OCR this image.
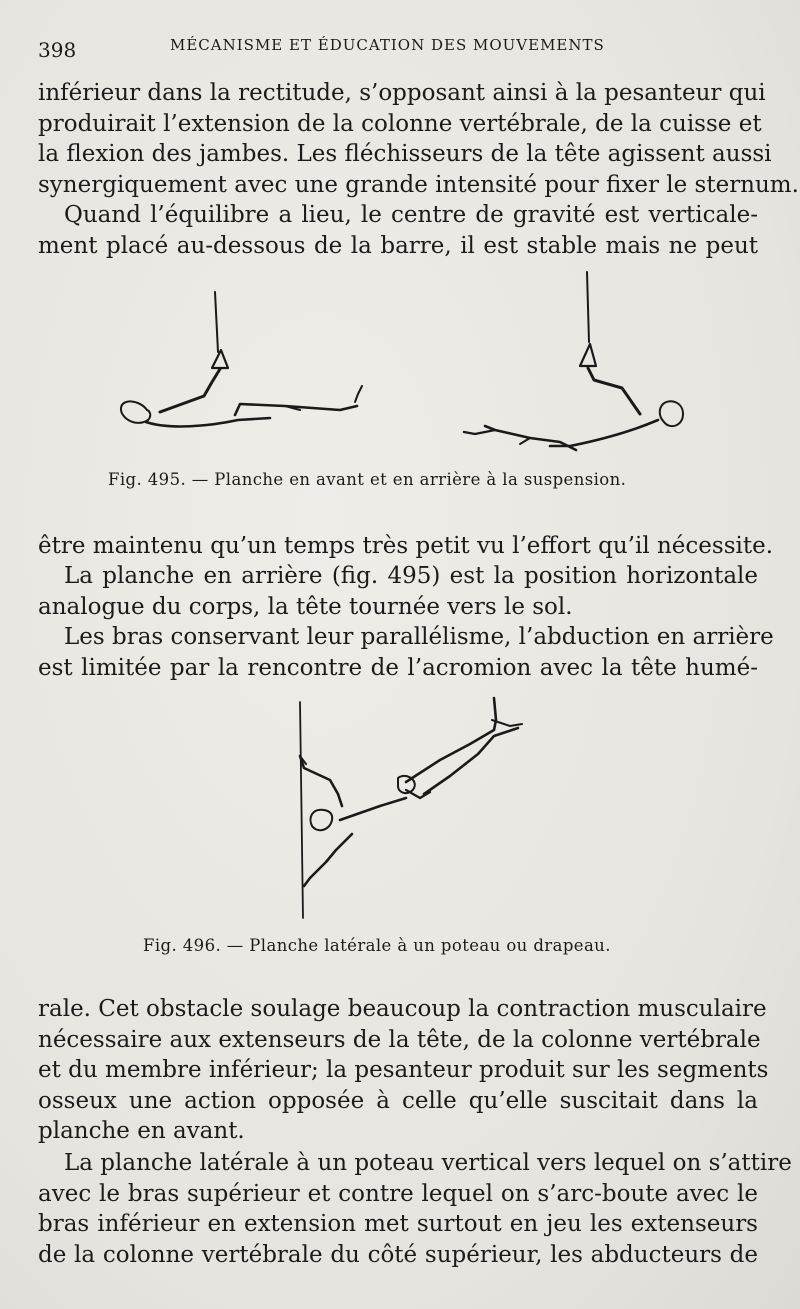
398	MÉCANISME ET ÉDUCATION DES MOUVEMENTS
inférieur dans la rectitude, s’opposant ainsi à la pesanteur qui
produirait l’extension de la colonne vertébrale, de la cuisse et
la flexion des jambes. Les fléchisseurs de la tête agissent aussi
synergiquement avec une grande intensité pour fixer le sternum.
Quand l’équilibre a lieu, le centre de gravité est verticale-
ment placé au-dessous de la barre, il est stable mais ne peut
Fig. 495. — Planche en avant et en arrière à la suspension.
être maintenu qu’un temps très petit vu l’effort qu’il nécessite.
La planche en arrière (fig. 495) est la position horizontale
analogue du corps, la tête tournée vers le sol.
Les bras conservant leur parallélisme, l’abduction en arrière
est limitée par la rencontre de l’acromion avec la tête humé-
Fig. 496. — Planche latérale à un poteau ou drapeau.
rale. Cet obstacle soulage beaucoup la contraction musculaire
nécessaire aux extenseurs de la tête, de la colonne vertébrale
et du membre inférieur; la pesanteur produit sur les segments
osseux une action opposée à celle qu’elle suscitait dans la
planche en avant.
La planche latérale à un poteau vertical vers lequel on s’attire
avec le bras supérieur et contre lequel on s’arc-boute avec le
bras inférieur en extension met surtout en jeu les extenseurs
de la colonne vertébrale du côté supérieur, les abducteurs de
